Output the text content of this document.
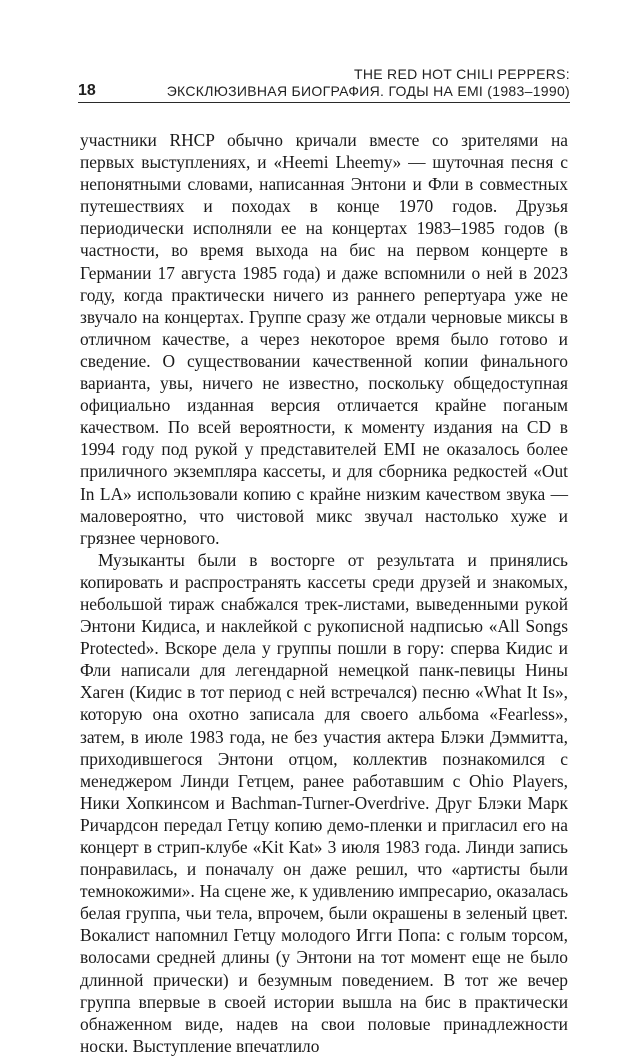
18
THE RED HOT CHILI PEPPERS:
ЭКСКЛЮЗИВНАЯ БИОГРАФИЯ. ГОДЫ НА EMI (1983–1990)

участники RHCP обычно кричали вместе со зрителями на первых выступлениях, и «Heemi Lheemy» — шуточная песня с непонятными словами, написанная Энтони и Фли в совместных путешествиях и походах в конце 1970 годов. Друзья периодически исполняли ее на концертах 1983–1985 годов (в частности, во время выхода на бис на первом концерте в Германии 17 августа 1985 года) и даже вспомнили о ней в 2023 году, когда практически ничего из раннего репертуара уже не звучало на концертах. Группе сразу же отдали черновые миксы в отличном качестве, а через некоторое время было готово и сведение. О существовании качественной копии финального варианта, увы, ничего не известно, поскольку общедоступная официально изданная версия отличается крайне поганым качеством. По всей вероятности, к моменту издания на CD в 1994 году под рукой у представителей EMI не оказалось более приличного экземпляра кассеты, и для сборника редкостей «Out In LA» использовали копию с крайне низким качеством звука — маловероятно, что чистовой микс звучал настолько хуже и грязнее чернового.

Музыканты были в восторге от результата и принялись копировать и распространять кассеты среди друзей и знакомых, небольшой тираж снабжался трек-листами, выведенными рукой Энтони Кидиса, и наклейкой с рукописной надписью «All Songs Protected». Вскоре дела у группы пошли в гору: сперва Кидис и Фли написали для легендарной немецкой панк-певицы Нины Хаген (Кидис в тот период с ней встречался) песню «What It Is», которую она охотно записала для своего альбома «Fearless», затем, в июле 1983 года, не без участия актера Блэки Дэммитта, приходившегося Энтони отцом, коллектив познакомился с менеджером Линди Гетцем, ранее работавшим с Ohio Players, Ники Хопкинсом и Bachman-Turner-Overdrive. Друг Блэки Марк Ричардсон передал Гетцу копию демо-пленки и пригласил его на концерт в стрип-клубе «Kit Kat» 3 июля 1983 года. Линди запись понравилась, и поначалу он даже решил, что «артисты были темнокожими». На сцене же, к удивлению импресарио, оказалась белая группа, чьи тела, впрочем, были окрашены в зеленый цвет. Вокалист напомнил Гетцу молодого Игги Попа: с голым торсом, волосами средней длины (у Энтони на тот момент еще не было длинной прически) и безумным поведением. В тот же вечер группа впервые в своей истории вышла на бис в практически обнаженном виде, надев на свои половые принадлежности носки. Выступление впечатлило
